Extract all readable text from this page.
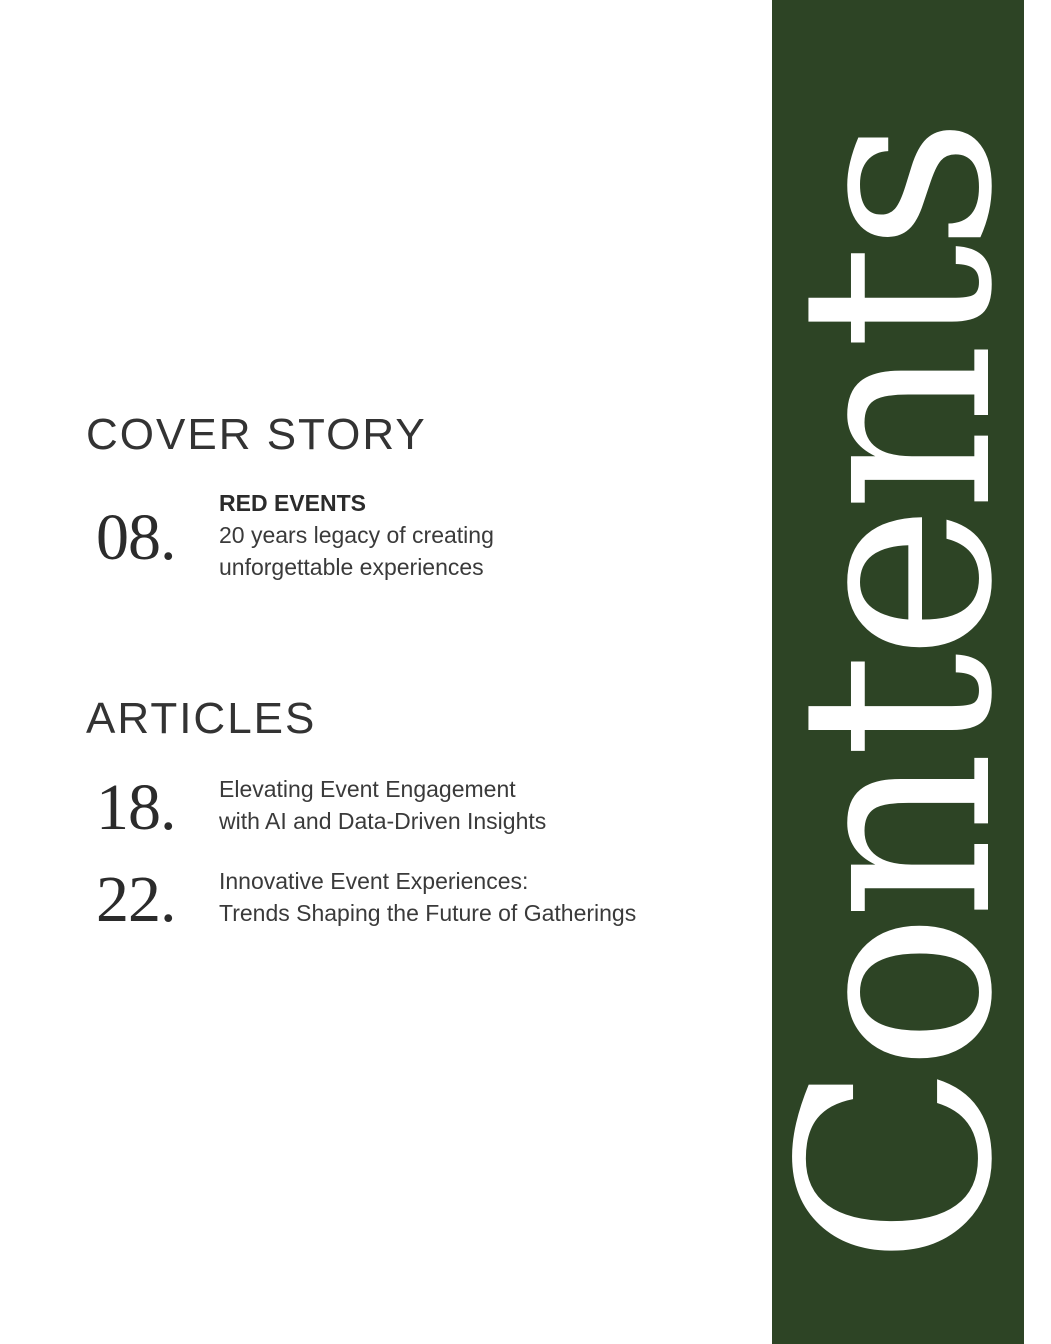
Contents
COVER STORY
08. RED EVENTS
20 years legacy of creating
unforgettable experiences
ARTICLES
18. Elevating Event Engagement
with AI and Data-Driven Insights
22. Innovative Event Experiences:
Trends Shaping the Future of Gatherings
